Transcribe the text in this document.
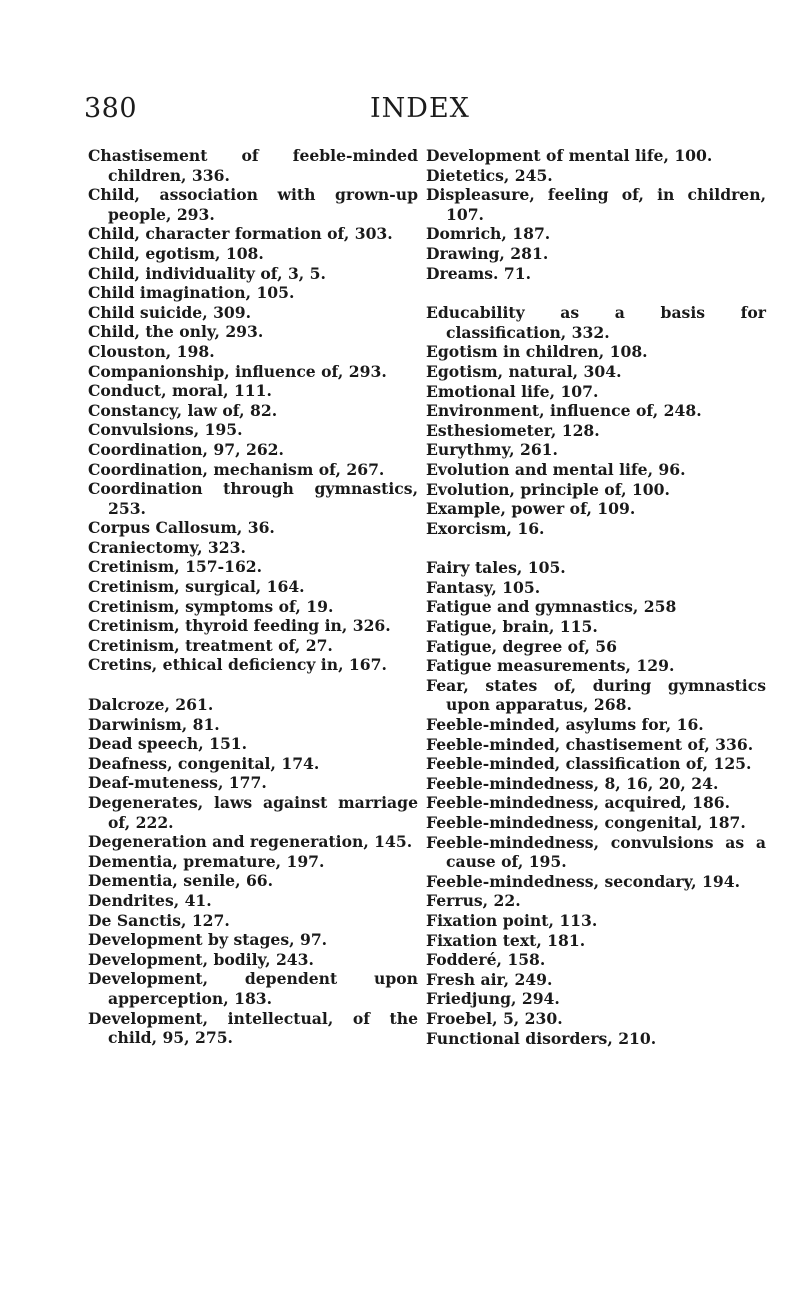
380	INDEX
Chastisement of feeble-minded children, 336.
Child, association with grown-up people, 293.
Child, character formation of, 303.
Child, egotism, 108.
Child, individuality of, 3, 5.
Child imagination, 105.
Child suicide, 309.
Child, the only, 293.
Clouston, 198.
Companionship, influence of, 293.
Conduct, moral, 111.
Constancy, law of, 82.
Convulsions, 195.
Coordination, 97, 262.
Coordination, mechanism of, 267.
Coordination through gymnastics, 253.
Corpus Callosum, 36.
Craniectomy, 323.
Cretinism, 157-162.
Cretinism, surgical, 164.
Cretinism, symptoms of, 19.
Cretinism, thyroid feeding in, 326.
Cretinism, treatment of, 27.
Cretins, ethical deficiency in, 167.
Dalcroze, 261.
Darwinism, 81.
Dead speech, 151.
Deafness, congenital, 174.
Deaf-muteness, 177.
Degenerates, laws against marriage of, 222.
Degeneration and regeneration, 145.
Dementia, premature, 197.
Dementia, senile, 66.
Dendrites, 41.
De Sanctis, 127.
Development by stages, 97.
Development, bodily, 243.
Development, dependent upon apperception, 183.
Development, intellectual, of the child, 95, 275.
Development of mental life, 100.
Dietetics, 245.
Displeasure, feeling of, in children, 107.
Domrich, 187.
Drawing, 281.
Dreams. 71.
Educability as a basis for classification, 332.
Egotism in children, 108.
Egotism, natural, 304.
Emotional life, 107.
Environment, influence of, 248.
Esthesiometer, 128.
Eurythmy, 261.
Evolution and mental life, 96.
Evolution, principle of, 100.
Example, power of, 109.
Exorcism, 16.
Fairy tales, 105.
Fantasy, 105.
Fatigue and gymnastics, 258
Fatigue, brain, 115.
Fatigue, degree of, 56
Fatigue measurements, 129.
Fear, states of, during gymnastics upon apparatus, 268.
Feeble-minded, asylums for, 16.
Feeble-minded, chastisement of, 336.
Feeble-minded, classification of, 125.
Feeble-mindedness, 8, 16, 20, 24.
Feeble-mindedness, acquired, 186.
Feeble-mindedness, congenital, 187.
Feeble-mindedness, convulsions as a cause of, 195.
Feeble-mindedness, secondary, 194.
Ferrus, 22.
Fixation point, 113.
Fixation text, 181.
Fodderé, 158.
Fresh air, 249.
Friedjung, 294.
Froebel, 5, 230.
Functional disorders, 210.
